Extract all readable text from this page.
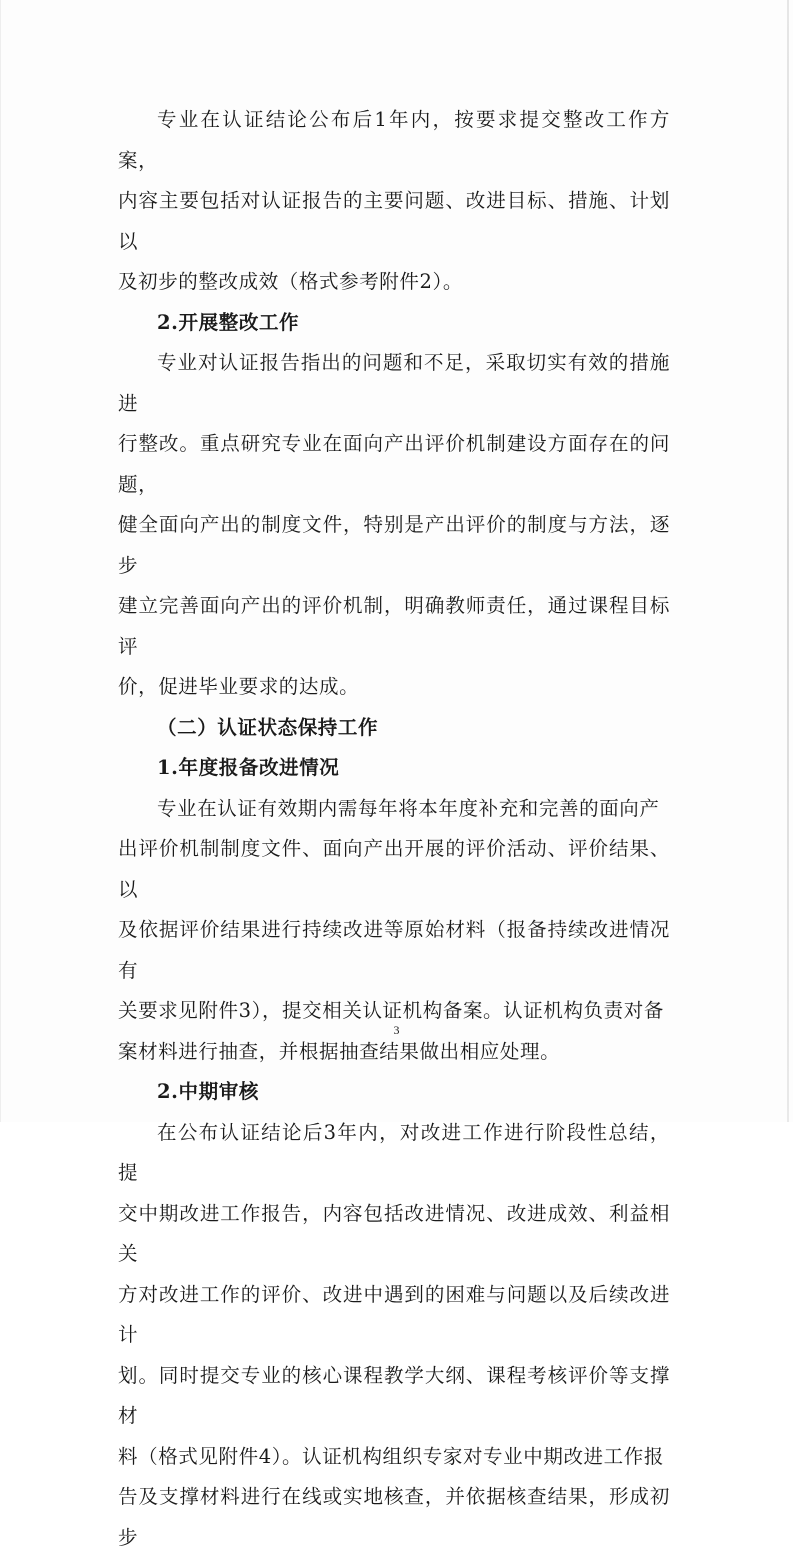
专业在认证结论公布后1年内，按要求提交整改工作方案，

内容主要包括对认证报告的主要问题、改进目标、措施、计划以

及初步的整改成效（格式参考附件2）。

2.开展整改工作

专业对认证报告指出的问题和不足，采取切实有效的措施进

行整改。重点研究专业在面向产出评价机制建设方面存在的问题，

健全面向产出的制度文件，特别是产出评价的制度与方法，逐步

建立完善面向产出的评价机制，明确教师责任，通过课程目标评

价，促进毕业要求的达成。

（二）认证状态保持工作

1.年度报备改进情况

专业在认证有效期内需每年将本年度补充和完善的面向产

出评价机制制度文件、面向产出开展的评价活动、评价结果、以

及依据评价结果进行持续改进等原始材料（报备持续改进情况有

关要求见附件3），提交相关认证机构备案。认证机构负责对备

案材料进行抽查，并根据抽查结果做出相应处理。

2.中期审核

在公布认证结论后3年内，对改进工作进行阶段性总结，提

交中期改进工作报告，内容包括改进情况、改进成效、利益相关

方对改进工作的评价、改进中遇到的困难与问题以及后续改进计

划。同时提交专业的核心课程教学大纲、课程考核评价等支撑材

料（格式见附件4）。认证机构组织专家对专业中期改进工作报

告及支撑材料进行在线或实地核查，并依据核查结果，形成初步

3
